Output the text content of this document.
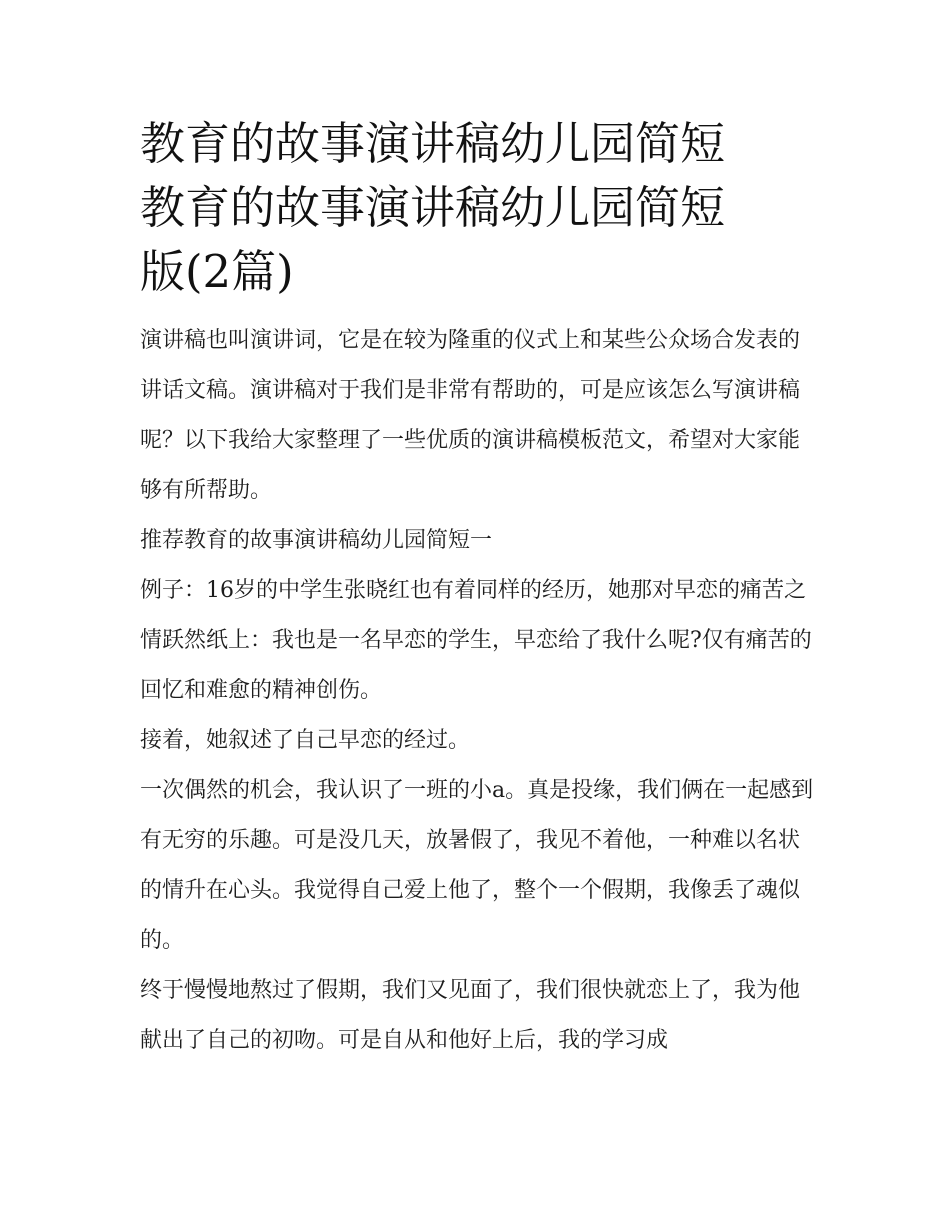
教育的故事演讲稿幼儿园简短
教育的故事演讲稿幼儿园简短
版(2篇)

演讲稿也叫演讲词，它是在较为隆重的仪式上和某些公众场合发表的讲话文稿。演讲稿对于我们是非常有帮助的，可是应该怎么写演讲稿呢？以下我给大家整理了一些优质的演讲稿模板范文，希望对大家能够有所帮助。

推荐教育的故事演讲稿幼儿园简短一

例子：16岁的中学生张晓红也有着同样的经历，她那对早恋的痛苦之情跃然纸上：我也是一名早恋的学生，早恋给了我什么呢?仅有痛苦的回忆和难愈的精神创伤。

接着，她叙述了自己早恋的经过。

一次偶然的机会，我认识了一班的小a。真是投缘，我们俩在一起感到有无穷的乐趣。可是没几天，放暑假了，我见不着他，一种难以名状的情升在心头。我觉得自己爱上他了，整个一个假期，我像丢了魂似的。

终于慢慢地熬过了假期，我们又见面了，我们很快就恋上了，我为他献出了自己的初吻。可是自从和他好上后，我的学习成
